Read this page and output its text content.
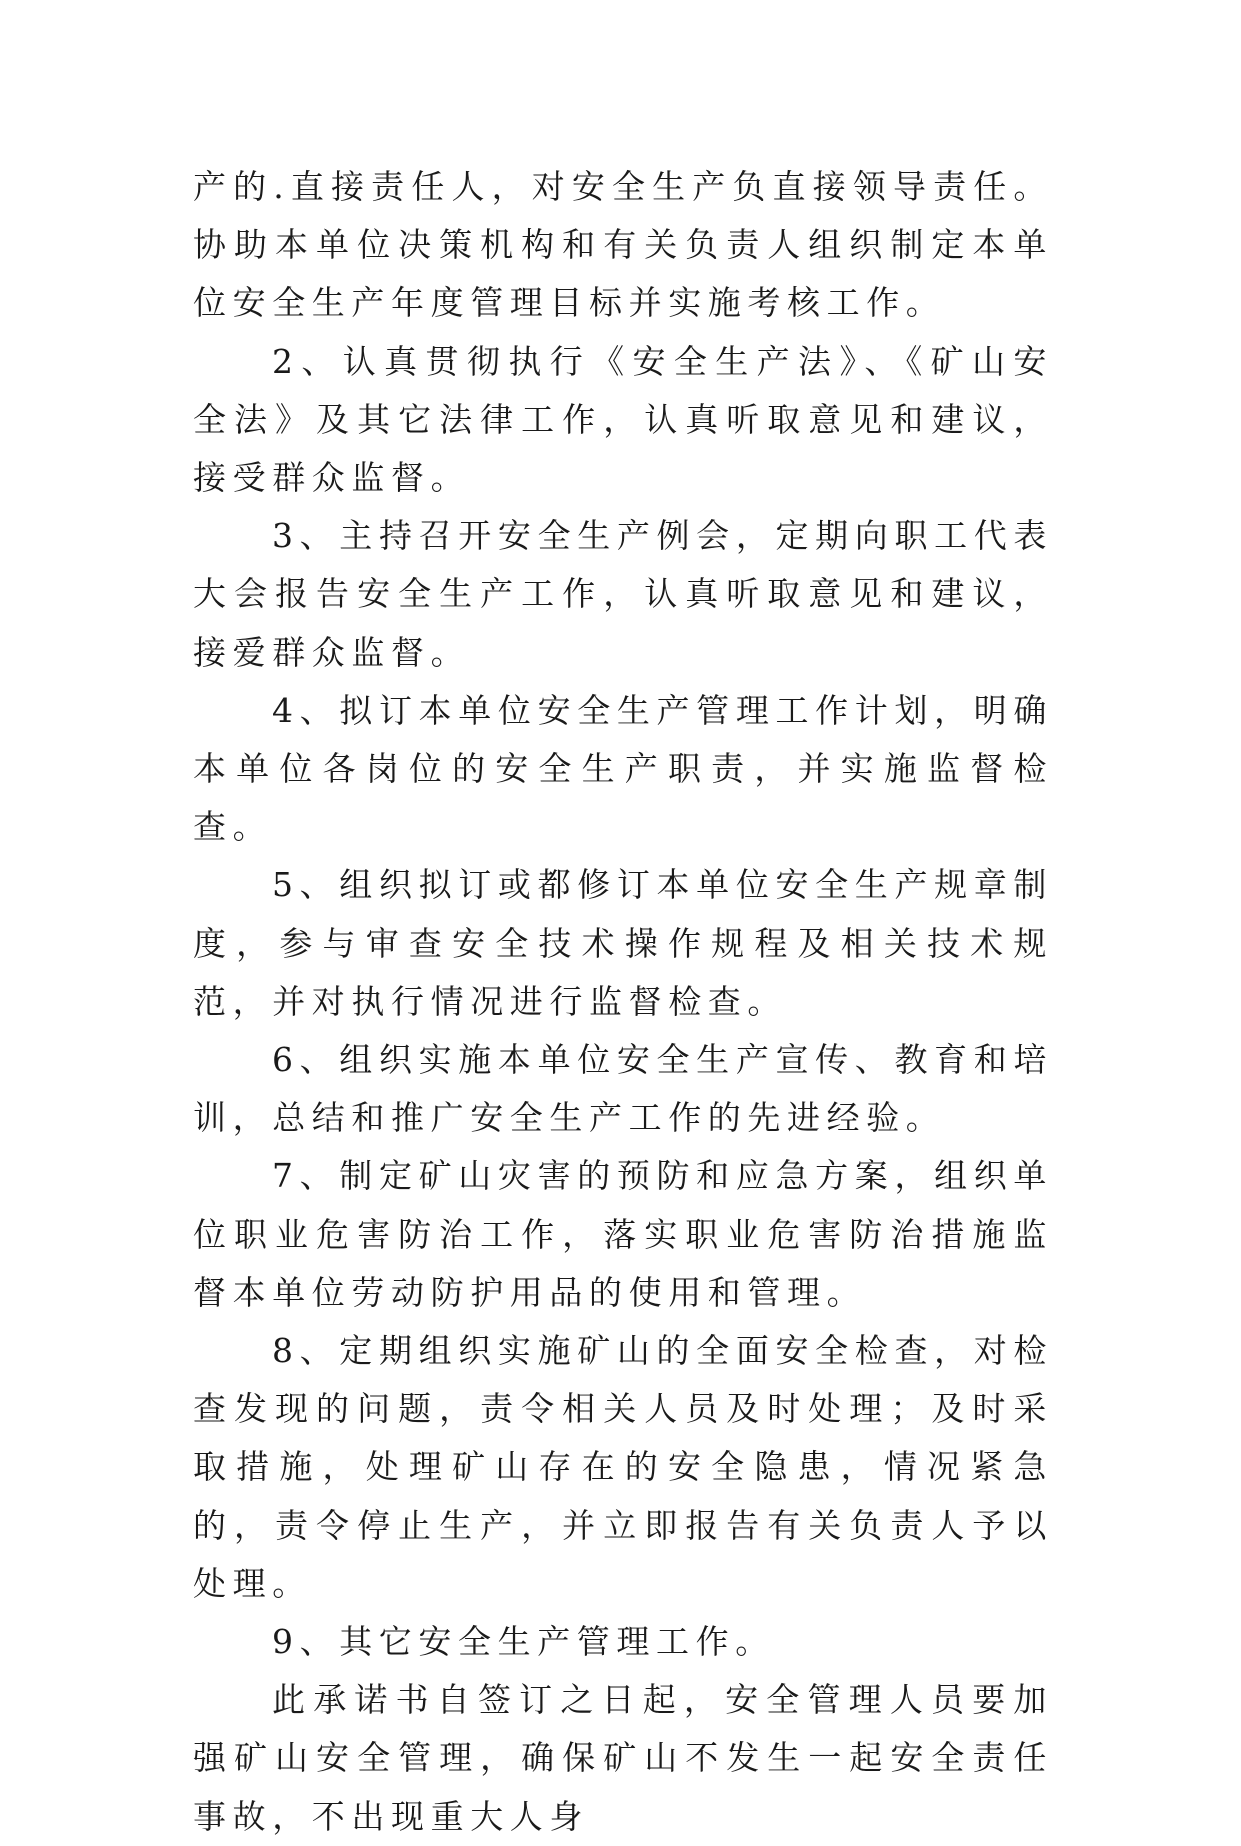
产的.直接责任人，对安全生产负直接领导责任。协助本单位决策机构和有关负责人组织制定本单位安全生产年度管理目标并实施考核工作。

2、认真贯彻执行《安全生产法》、《矿山安全法》及其它法律工作，认真听取意见和建议，接受群众监督。

3、主持召开安全生产例会，定期向职工代表大会报告安全生产工作，认真听取意见和建议，接爱群众监督。

4、拟订本单位安全生产管理工作计划，明确本单位各岗位的安全生产职责，并实施监督检查。

5、组织拟订或都修订本单位安全生产规章制度，参与审查安全技术操作规程及相关技术规范，并对执行情况进行监督检查。

6、组织实施本单位安全生产宣传、教育和培训，总结和推广安全生产工作的先进经验。

7、制定矿山灾害的预防和应急方案，组织单位职业危害防治工作，落实职业危害防治措施监督本单位劳动防护用品的使用和管理。

8、定期组织实施矿山的全面安全检查，对检查发现的问题，责令相关人员及时处理；及时采取措施，处理矿山存在的安全隐患，情况紧急的，责令停止生产，并立即报告有关负责人予以处理。

9、其它安全生产管理工作。

此承诺书自签订之日起，安全管理人员要加强矿山安全管理，确保矿山不发生一起安全责任事故，不出现重大人身
